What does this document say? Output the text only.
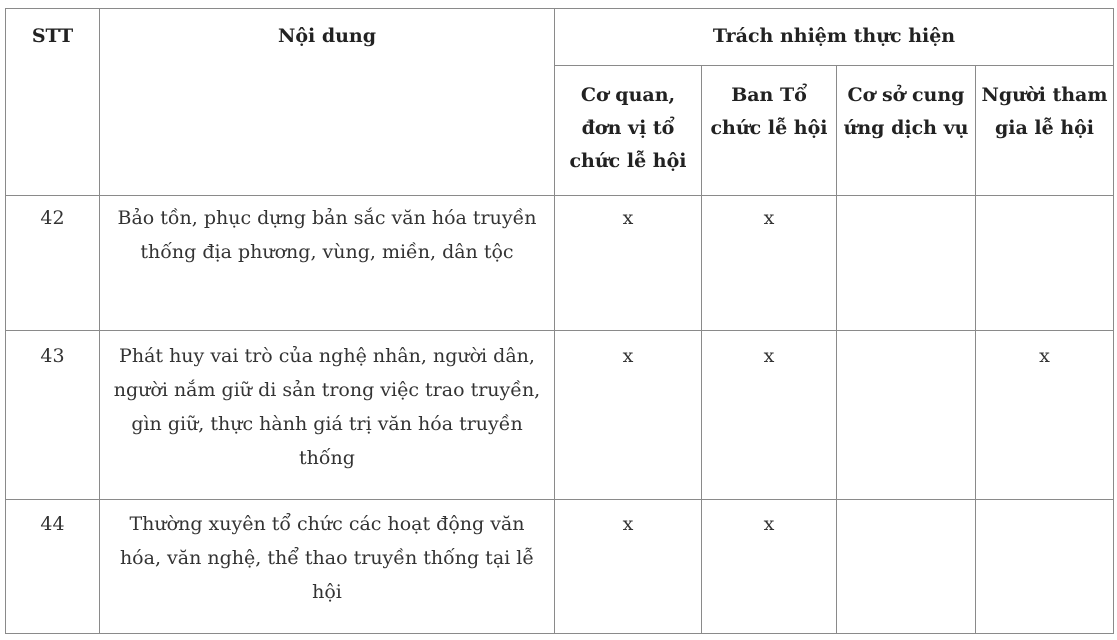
STT	Nội dung	Trách nhiệm thực hiện			
		Cơ quan, đơn vị tổ chức lễ hội	Ban Tổ chức lễ hội	Cơ sở cung ứng dịch vụ	Người tham gia lễ hội
42	Bảo tồn, phục dựng bản sắc văn hóa truyền thống địa phương, vùng, miền, dân tộc	x	x		
43	Phát huy vai trò của nghệ nhân, người dân, người nắm giữ di sản trong việc trao truyền, gìn giữ, thực hành giá trị văn hóa truyền thống	x	x		x
44	Thường xuyên tổ chức các hoạt động văn hóa, văn nghệ, thể thao truyền thống tại lễ hội	x	x		
